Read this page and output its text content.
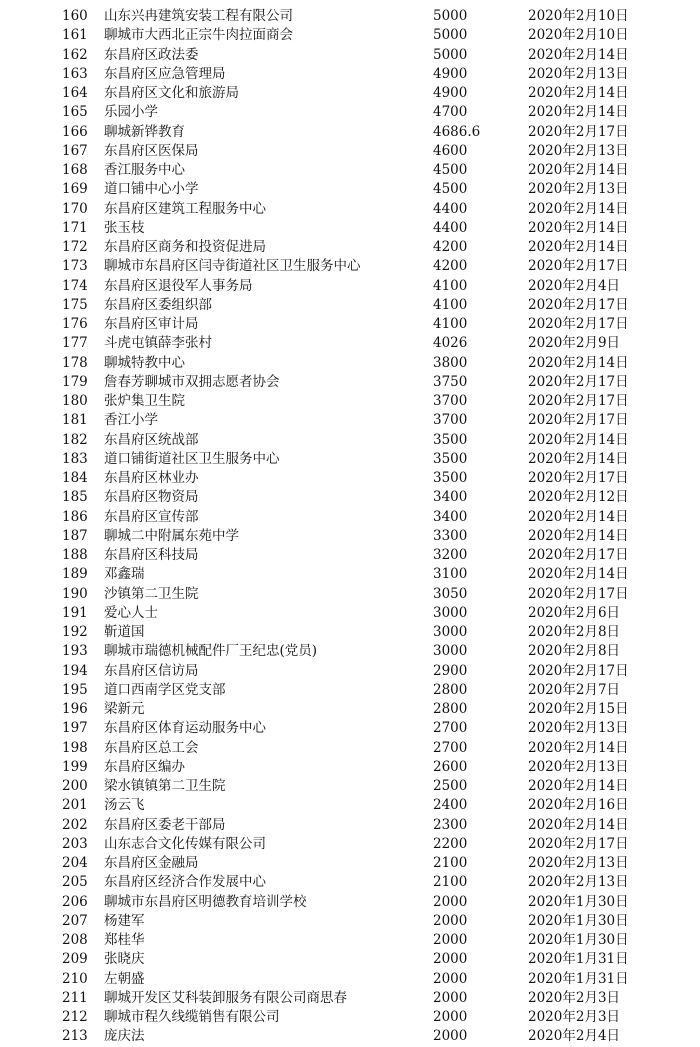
160 山东兴冉建筑安装工程有限公司	5000	2020年2月10日
161 聊城市大西北正宗牛肉拉面商会	5000	2020年2月10日
162 东昌府区政法委	5000	2020年2月14日
163 东昌府区应急管理局	4900	2020年2月13日
164 东昌府区文化和旅游局	4900	2020年2月14日
165 乐园小学	4700	2020年2月14日
166 聊城新铧教育	4686.6	2020年2月17日
167 东昌府区医保局	4600	2020年2月13日
168 香江服务中心	4500	2020年2月14日
169 道口铺中心小学	4500	2020年2月13日
170 东昌府区建筑工程服务中心	4400	2020年2月14日
171 张玉枝	4400	2020年2月14日
172 东昌府区商务和投资促进局	4200	2020年2月14日
173 聊城市东昌府区闫寺街道社区卫生服务中心	4200	2020年2月17日
174 东昌府区退役军人事务局	4100	2020年2月4日
175 东昌府区委组织部	4100	2020年2月17日
176 东昌府区审计局	4100	2020年2月17日
177 斗虎屯镇薛李张村	4026	2020年2月9日
178 聊城特教中心	3800	2020年2月14日
179 詹春芳聊城市双拥志愿者协会	3750	2020年2月17日
180 张炉集卫生院	3700	2020年2月17日
181 香江小学	3700	2020年2月17日
182 东昌府区统战部	3500	2020年2月14日
183 道口铺街道社区卫生服务中心	3500	2020年2月14日
184 东昌府区林业办	3500	2020年2月17日
185 东昌府区物资局	3400	2020年2月12日
186 东昌府区宣传部	3400	2020年2月14日
187 聊城二中附属东苑中学	3300	2020年2月14日
188 东昌府区科技局	3200	2020年2月17日
189 邓鑫瑞	3100	2020年2月14日
190 沙镇第二卫生院	3050	2020年2月17日
191 爱心人士	3000	2020年2月6日
192 靳道国	3000	2020年2月8日
193 聊城市瑞德机械配件厂王纪忠(党员)	3000	2020年2月8日
194 东昌府区信访局	2900	2020年2月17日
195 道口西南学区党支部	2800	2020年2月7日
196 梁新元	2800	2020年2月15日
197 东昌府区体育运动服务中心	2700	2020年2月13日
198 东昌府区总工会	2700	2020年2月14日
199 东昌府区编办	2600	2020年2月13日
200 梁水镇镇第二卫生院	2500	2020年2月14日
201 汤云飞	2400	2020年2月16日
202 东昌府区委老干部局	2300	2020年2月14日
203 山东志合文化传媒有限公司	2200	2020年2月17日
204 东昌府区金融局	2100	2020年2月13日
205 东昌府区经济合作发展中心	2100	2020年2月13日
206 聊城市东昌府区明德教育培训学校	2000	2020年1月30日
207 杨建军	2000	2020年1月30日
208 郑桂华	2000	2020年1月30日
209 张晓庆	2000	2020年1月31日
210 左朝盛	2000	2020年1月31日
211 聊城开发区艾科装卸服务有限公司商思春	2000	2020年2月3日
212 聊城市程久线缆销售有限公司	2000	2020年2月3日
213 庞庆法	2000	2020年2月4日
